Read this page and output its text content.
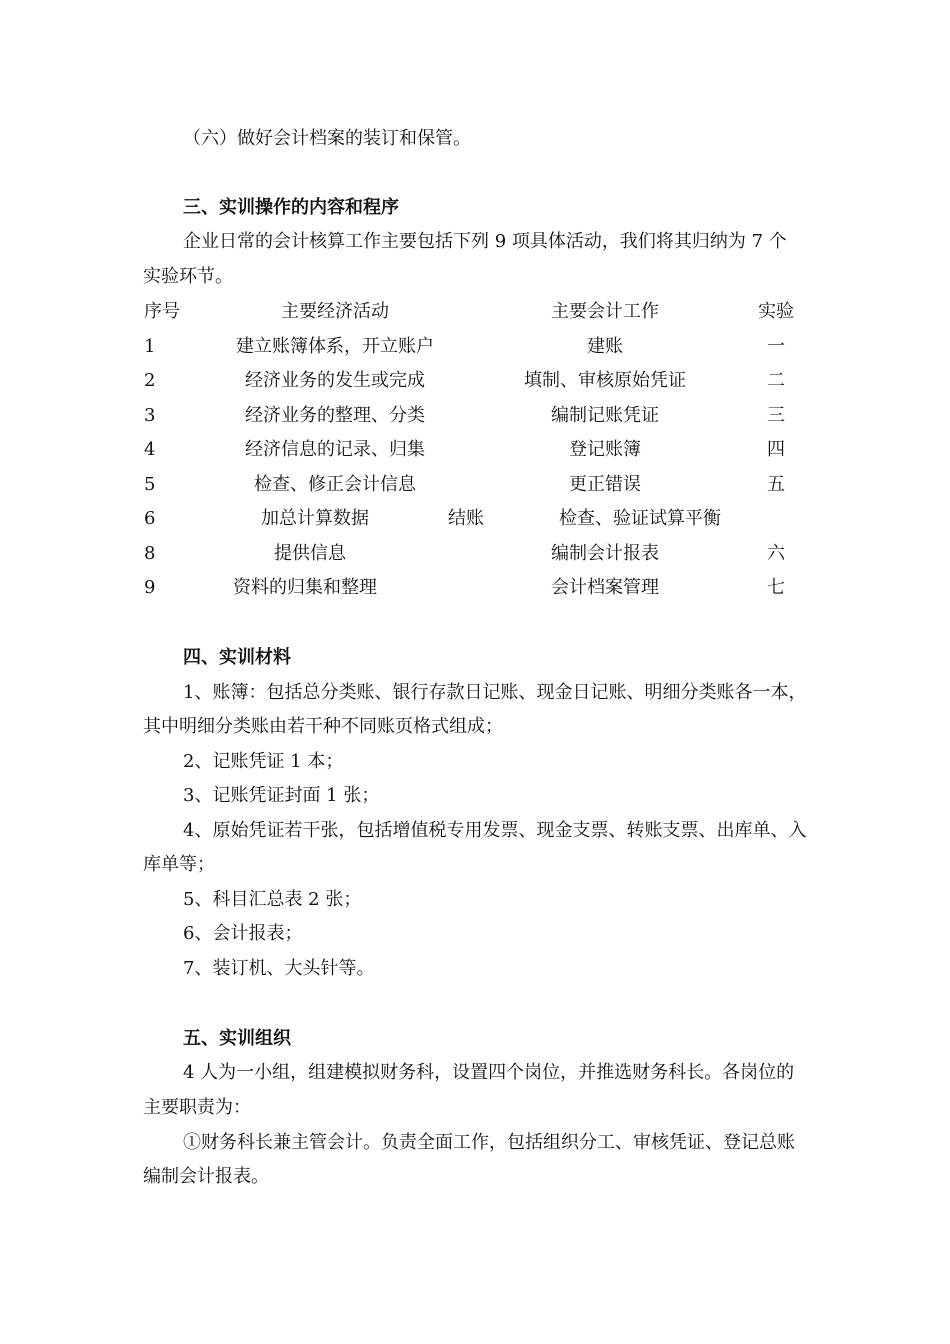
（六）做好会计档案的装订和保管。

三、实训操作的内容和程序

企业日常的会计核算工作主要包括下列 9 项具体活动，我们将其归纳为 7 个

实验环节。

序号	主要经济活动	主要会计工作	实验
1	建立账簿体系，开立账户	建账	一
2	经济业务的发生或完成	填制、审核原始凭证	二
3	经济业务的整理、分类	编制记账凭证	三
4	经济信息的记录、归集	登记账簿	四
5	检查、修正会计信息	更正错误	五
6	加总计算数据	结账	检查、验证试算平衡
8	提供信息	编制会计报表	六
9	资料的归集和整理	会计档案管理	七

四、实训材料

1、账簿：包括总分类账、银行存款日记账、现金日记账、明细分类账各一本，

其中明细分类账由若干种不同账页格式组成；

2、记账凭证 1 本；

3、记账凭证封面 1 张；

4、原始凭证若干张，包括增值税专用发票、现金支票、转账支票、出库单、入

库单等；

5、科目汇总表 2 张；

6、会计报表；

7、装订机、大头针等。

五、实训组织

4 人为一小组，组建模拟财务科，设置四个岗位，并推选财务科长。各岗位的

主要职责为：

①财务科长兼主管会计。负责全面工作，包括组织分工、审核凭证、登记总账

编制会计报表。
